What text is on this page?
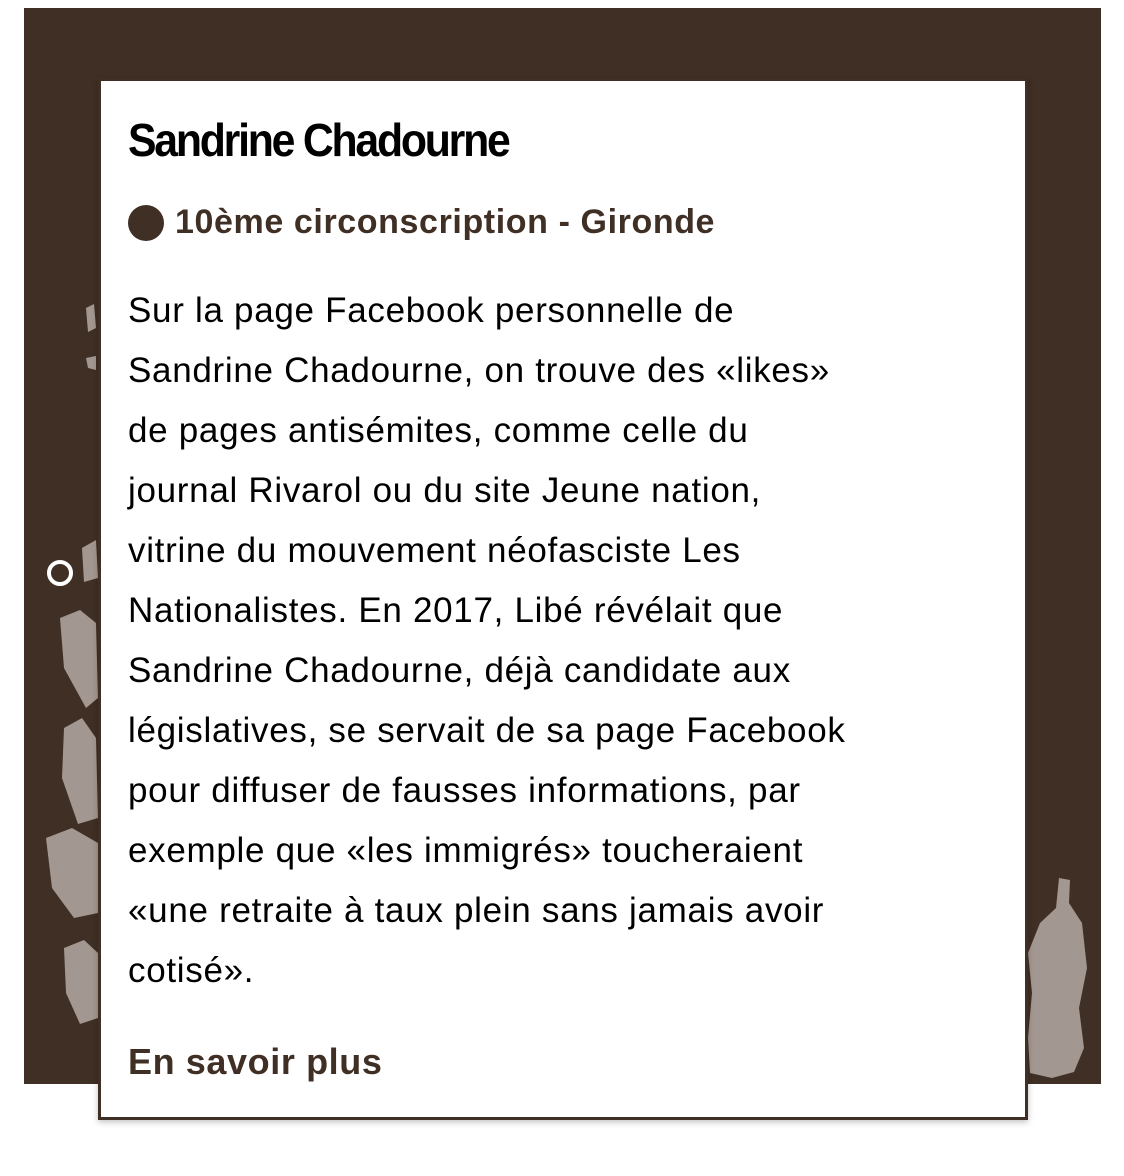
Sandrine Chadourne
10ème circonscription - Gironde

Sur la page Facebook personnelle de
Sandrine Chadourne, on trouve des «likes»
de pages antisémites, comme celle du
journal Rivarol ou du site Jeune nation,
vitrine du mouvement néofasciste Les
Nationalistes. En 2017, Libé révélait que
Sandrine Chadourne, déjà candidate aux
législatives, se servait de sa page Facebook
pour diffuser de fausses informations, par
exemple que «les immigrés» toucheraient
«une retraite à taux plein sans jamais avoir
cotisé».

En savoir plus
